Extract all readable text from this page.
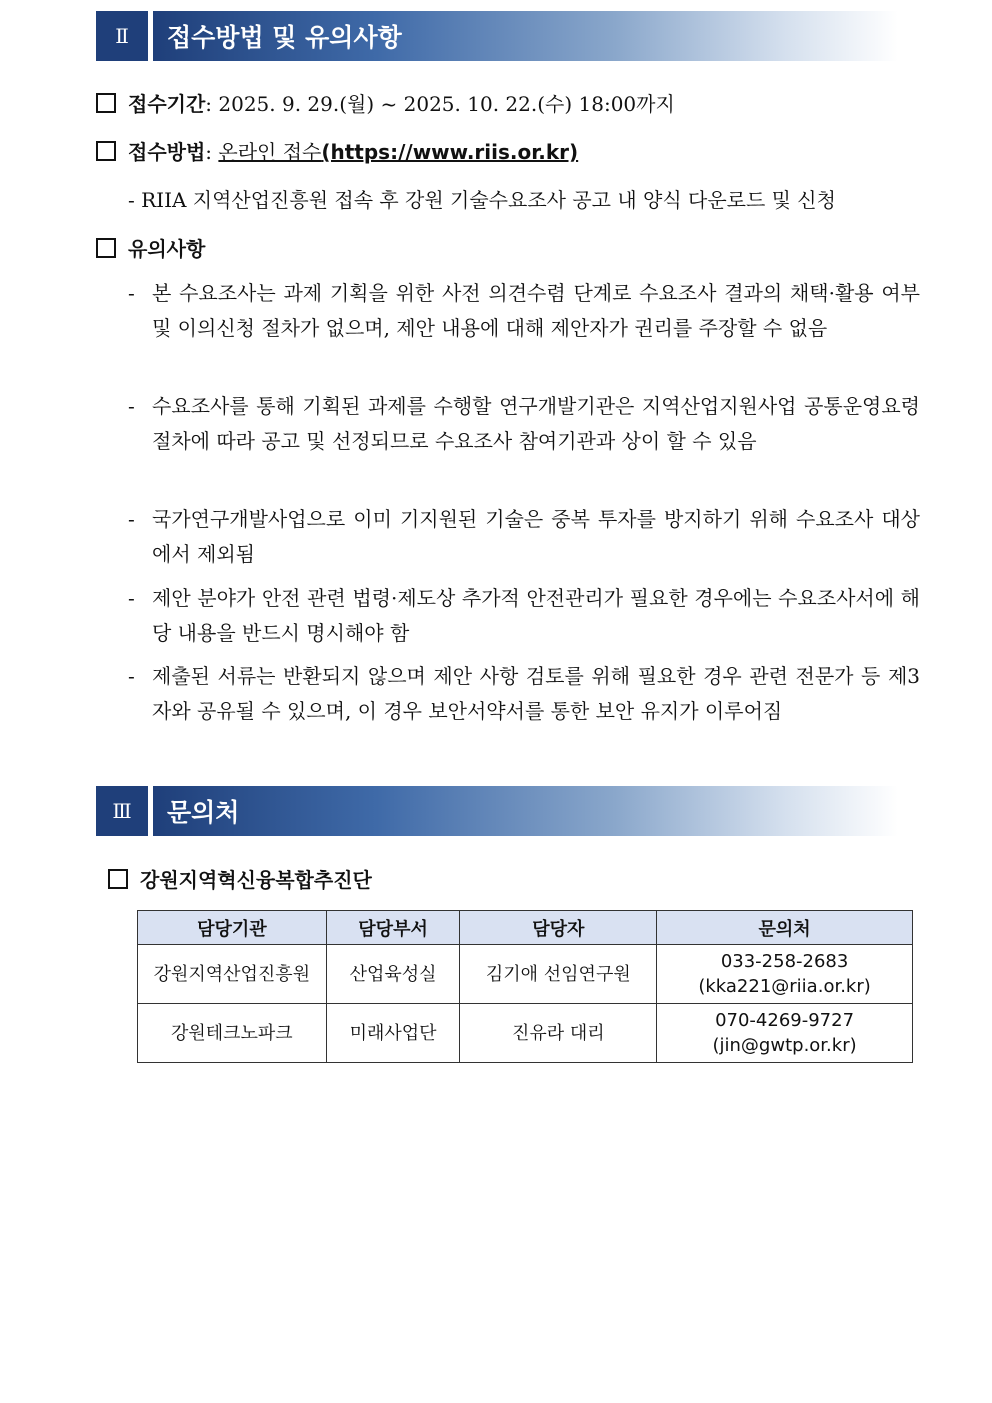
Ⅱ	접수방법 및 유의사항
접수기간: 2025. 9. 29.(월) ~ 2025. 10. 22.(수) 18:00까지
접수방법: 온라인 접수(https://www.riis.or.kr)
- RIIA 지역산업진흥원 접속 후 강원 기술수요조사 공고 내 양식 다운로드 및 신청
유의사항
- 본 수요조사는 과제 기획을 위한 사전 의견수렴 단계로 수요조사 결과의 채택·활용 여부 및 이의신청 절차가 없으며, 제안 내용에 대해 제안자가 권리를 주장할 수 없음
- 수요조사를 통해 기획된 과제를 수행할 연구개발기관은 지역산업지원사업 공통운영요령 절차에 따라 공고 및 선정되므로 수요조사 참여기관과 상이 할 수 있음
- 국가연구개발사업으로 이미 기지원된 기술은 중복 투자를 방지하기 위해 수요조사 대상에서 제외됨
- 제안 분야가 안전 관련 법령·제도상 추가적 안전관리가 필요한 경우에는 수요조사서에 해당 내용을 반드시 명시해야 함
- 제출된 서류는 반환되지 않으며 제안 사항 검토를 위해 필요한 경우 관련 전문가 등 제3자와 공유될 수 있으며, 이 경우 보안서약서를 통한 보안 유지가 이루어짐
Ⅲ	문의처
강원지역혁신융복합추진단
담당기관	담당부서	담당자	문의처
강원지역산업진흥원	산업육성실	김기애 선임연구원	033-258-2683
(kka221@riia.or.kr)

강원테크노파크	미래사업단	진유라 대리	070-4269-9727
(jin@gwtp.or.kr)
